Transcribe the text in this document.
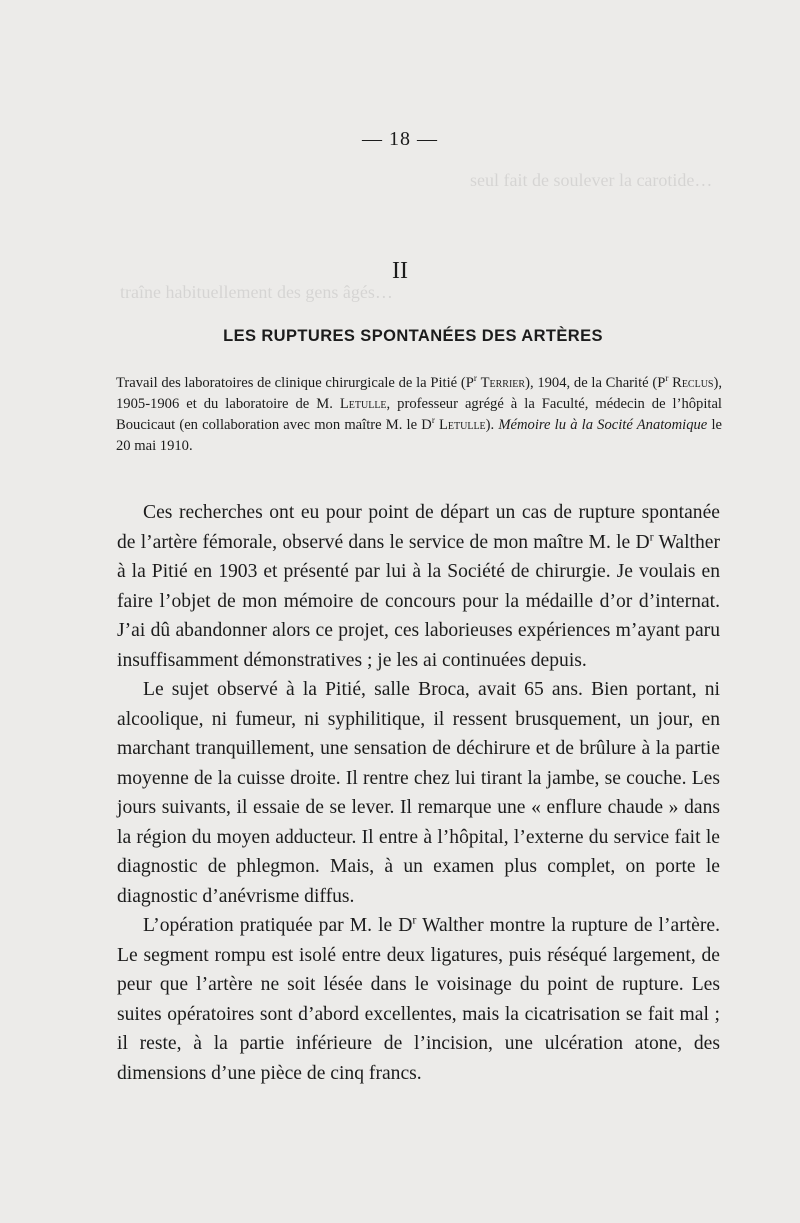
seul fait de soulever la carotide…
traîne habituellement des gens âgés…
— 18 —
II
LES RUPTURES SPONTANÉES DES ARTÈRES
Travail des laboratoires de clinique chirurgicale de la Pitié ($P^r$ Terrier), 1904, de la Charité ($P^r$ Reclus), 1905-1906 et du laboratoire de M. Letulle, professeur agrégé à la Faculté, médecin de l’hôpital Boucicaut (en collaboration avec mon maître M. le $D^r$ Letulle). Mémoire lu à la Socité Anatomique le 20 mai 1910.

Ces recherches ont eu pour point de départ un cas de rupture spontanée de l’artère fémorale, observé dans le service de mon maître M. le $D^r$ Walther à la Pitié en 1903 et présenté par lui à la Société de chirurgie. Je voulais en faire l’objet de mon mémoire de concours pour la médaille d’or d’internat. J’ai dû abandonner alors ce projet, ces laborieuses expériences m’ayant paru insuffisamment démonstratives ; je les ai continuées depuis.

Le sujet observé à la Pitié, salle Broca, avait 65 ans. Bien portant, ni alcoolique, ni fumeur, ni syphilitique, il ressent brusquement, un jour, en marchant tranquillement, une sensation de déchirure et de brûlure à la partie moyenne de la cuisse droite. Il rentre chez lui tirant la jambe, se couche. Les jours suivants, il essaie de se lever. Il remarque une « enflure chaude » dans la région du moyen adducteur. Il entre à l’hôpital, l’externe du service fait le diagnostic de phlegmon. Mais, à un examen plus complet, on porte le diagnostic d’anévrisme diffus.

L’opération pratiquée par M. le $D^r$ Walther montre la rupture de l’artère. Le segment rompu est isolé entre deux ligatures, puis réséqué largement, de peur que l’artère ne soit lésée dans le voisinage du point de rupture. Les suites opératoires sont d’abord excellentes, mais la cicatrisation se fait mal ; il reste, à la partie inférieure de l’incision, une ulcération atone, des dimensions d’une pièce de cinq francs.
